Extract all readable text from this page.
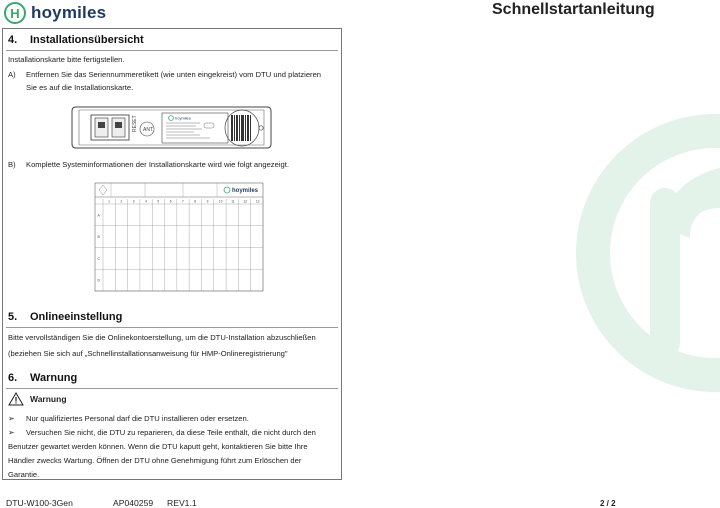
H hoymiles	Schnellstartanleitung
4. Installationsübersicht
Installationskarte bitte fertigstellen.
A) Entfernen Sie das Seriennummeretikett (wie unten eingekreist) vom DTU und platzieren
Sie es auf die Installationskarte.
RESET ANT
hoymiles
B) Komplette Systeminformationen der Installationskarte wird wie folgt angezeigt.
hoymiles
1	2	3	4	5	6	7	8	9	10	11	12	13
A
B
C
D
5. Onlineeinstellung
Bitte vervollständigen Sie die Onlinekontoerstellung, um die DTU-Installation abzuschließen
(beziehen Sie sich auf „Schnellinstallationsanweisung für HMP-Onlineregistrierung"
6. Warnung
Warnung
➢ Nur qualifiziertes Personal darf die DTU installieren oder ersetzen.
➢ Versuchen Sie nicht, die DTU zu reparieren, da diese Teile enthält, die nicht durch den
Benutzer gewartet werden können. Wenn die DTU kaputt geht, kontaktieren Sie bitte Ihre
Händler zwecks Wartung. Öffnen der DTU ohne Genehmigung führt zum Erlöschen der
Garantie.
DTU-W100-3Gen	AP040259 REV1.1	2 / 2
